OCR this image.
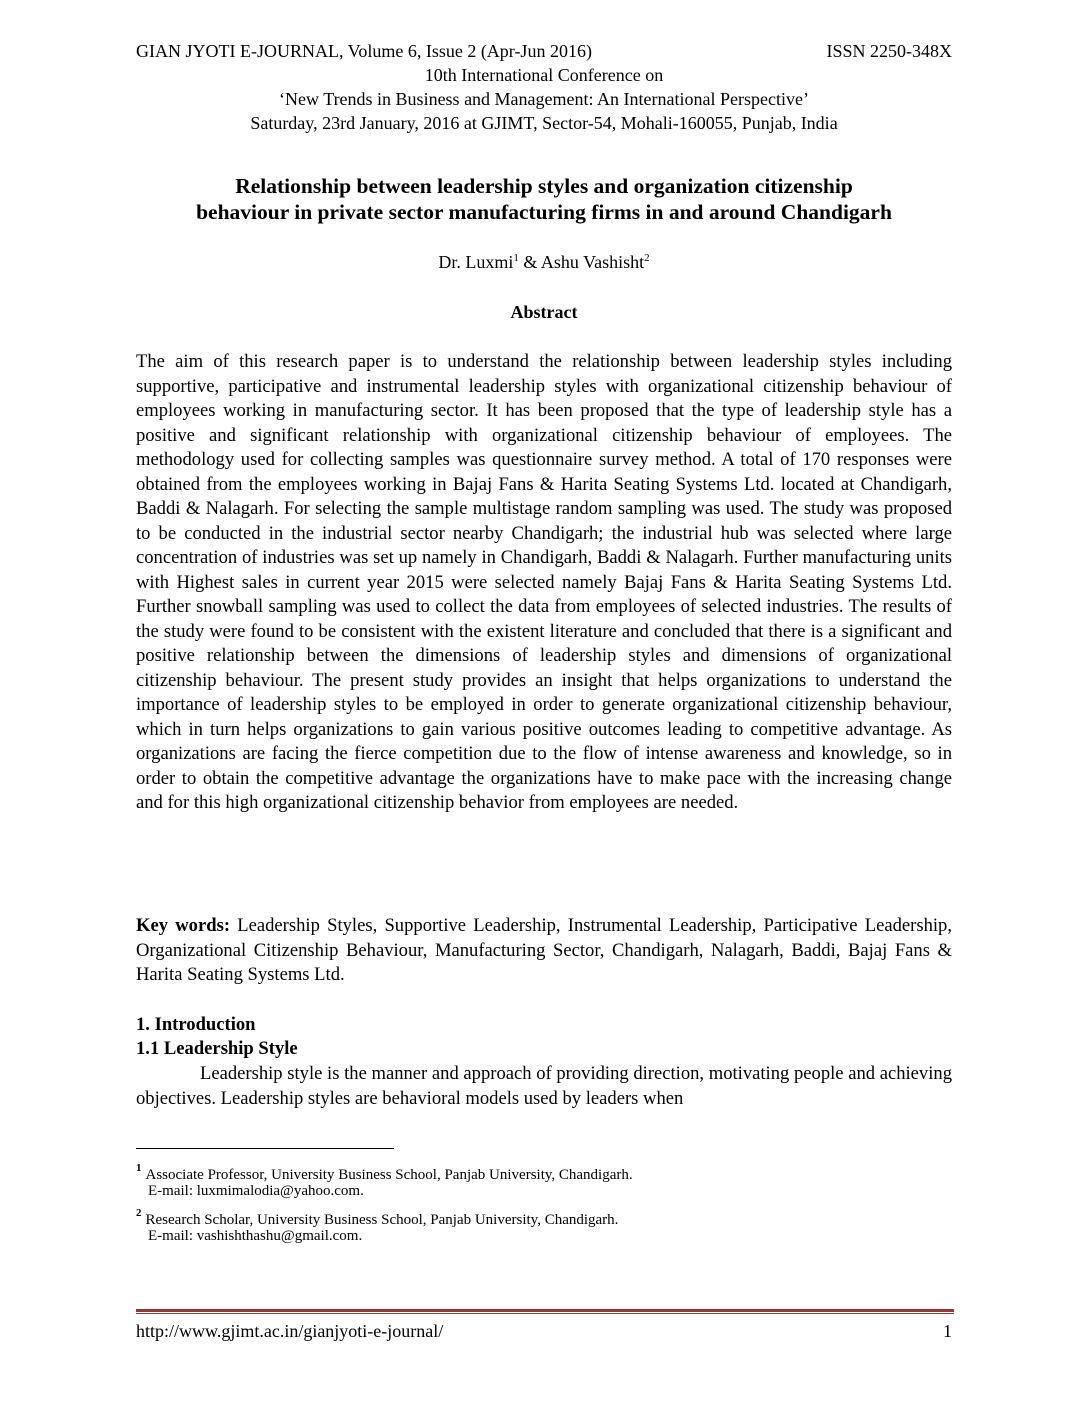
GIAN JYOTI E-JOURNAL, Volume 6, Issue 2 (Apr-Jun 2016)	ISSN 2250-348X
10th International Conference on
‘New Trends in Business and Management: An International Perspective’
Saturday, 23rd January, 2016 at GJIMT, Sector-54, Mohali-160055, Punjab, India
Relationship between leadership styles and organization citizenship
behaviour in private sector manufacturing firms in and around Chandigarh
Dr. Luxmi$^1$ & Ashu Vashisht$^2$
Abstract

The aim of this research paper is to understand the relationship between leadership styles including supportive, participative and instrumental leadership styles with organizational citizenship behaviour of employees working in manufacturing sector. It has been proposed that the type of leadership style has a positive and significant relationship with organizational citizenship behaviour of employees. The methodology used for collecting samples was questionnaire survey method. A total of 170 responses were obtained from the employees working in Bajaj Fans & Harita Seating Systems Ltd. located at Chandigarh, Baddi & Nalagarh. For selecting the sample multistage random sampling was used. The study was proposed to be conducted in the industrial sector nearby Chandigarh; the industrial hub was selected where large concentration of industries was set up namely in Chandigarh, Baddi & Nalagarh. Further manufacturing units with Highest sales in current year 2015 were selected namely Bajaj Fans & Harita Seating Systems Ltd. Further snowball sampling was used to collect the data from employees of selected industries. The results of the study were found to be consistent with the existent literature and concluded that there is a significant and positive relationship between the dimensions of leadership styles and dimensions of organizational citizenship behaviour. The present study provides an insight that helps organizations to understand the importance of leadership styles to be employed in order to generate organizational citizenship behaviour, which in turn helps organizations to gain various positive outcomes leading to competitive advantage. As organizations are facing the fierce competition due to the flow of intense awareness and knowledge, so in order to obtain the competitive advantage the organizations have to make pace with the increasing change and for this high organizational citizenship behavior from employees are needed.

Key words: Leadership Styles, Supportive Leadership, Instrumental Leadership, Participative Leadership, Organizational Citizenship Behaviour, Manufacturing Sector, Chandigarh, Nalagarh, Baddi, Bajaj Fans & Harita Seating Systems Ltd.

1. Introduction
1.1 Leadership Style

Leadership style is the manner and approach of providing direction, motivating people and achieving objectives. Leadership styles are behavioral models used by leaders when

$^1$ Associate Professor, University Business School, Panjab University, Chandigarh.
E-mail: luxmimalodia@yahoo.com.
$^2$ Research Scholar, University Business School, Panjab University, Chandigarh.
E-mail: vashishthashu@gmail.com.
http://www.gjimt.ac.in/gianjyoti-e-journal/	1
